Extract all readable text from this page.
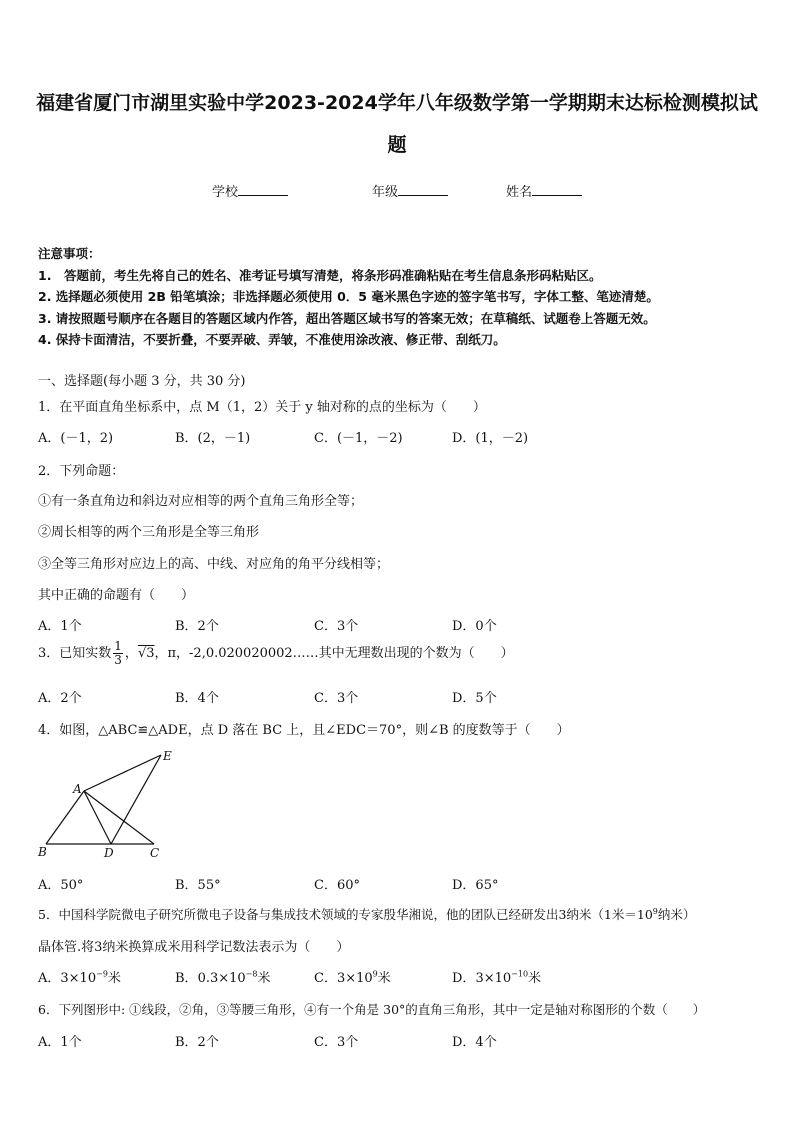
福建省厦门市湖里实验中学2023-2024学年八年级数学第一学期期末达标检测模拟试
题
学校	年级	姓名
注意事项：
1.　答题前，考生先将自己的姓名、准考证号填写清楚，将条形码准确粘贴在考生信息条形码粘贴区。
2. 选择题必须使用 2B 铅笔填涂；非选择题必须使用 0．5 毫米黑色字迹的签字笔书写，字体工整、笔迹清楚。
3. 请按照题号顺序在各题目的答题区域内作答，超出答题区域书写的答案无效；在草稿纸、试题卷上答题无效。
4. 保持卡面清洁，不要折叠，不要弄破、弄皱，不准使用涂改液、修正带、刮纸刀。
一、选择题(每小题 3 分，共 30 分)
1．在平面直角坐标系中，点 M（1，2）关于 y 轴对称的点的坐标为（　　）
A．(－1，2)	B．(2，－1)	C．(－1，－2)	D．(1，－2)
2．下列命题：
①有一条直角边和斜边对应相等的两个直角三角形全等；
②周长相等的两个三角形是全等三角形
③全等三角形对应边上的高、中线、对应角的角平分线相等；
其中正确的命题有（　　）
A．1个	B．2个	C．3个	D．0个
3．已知实数 $\frac{1}{3}$ ，√3，π，-2,0.020020002……其中无理数出现的个数为（　　）
A．2个	B．4个	C．3个	D．5个
4．如图，△ABC≌△ADE，点 D 落在 BC 上，且∠EDC＝70°，则∠B 的度数等于（　　）
A
B	C
D
E
A．50°	B．55°	C．60°	D．65°
5．中国科学院微电子研究所微电子设备与集成技术领域的专家殷华湘说，他的团队已经研发出3纳米（1米$=10^9$纳米）
晶体管.将3纳米换算成米用科学记数法表示为（　　）
A．$3\times 10^{-9}$米	B．$0.3\times 10^{-8}$米	C．$3\times 10^9$米	D．$3\times 10^{-10}$米
6．下列图形中: ①线段，②角，③等腰三角形，④有一个角是 30°的直角三角形，其中一定是轴对称图形的个数（　　）
A．1个	B．2个	C．3个	D．4个
